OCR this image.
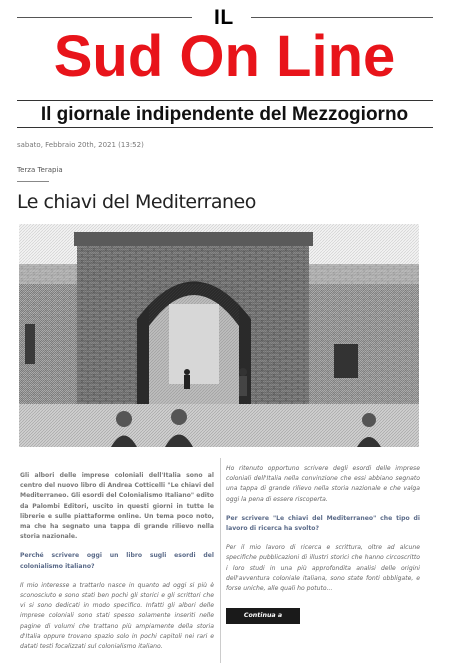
IL
Sud On Line
Il giornale indipendente del Mezzogiorno
sabato, Febbraio 20th, 2021 (13:52)
Terza Terapia
Le chiavi del Mediterraneo

Gli albori delle imprese coloniali dell'Italia sono al centro del nuovo libro di Andrea Cotticelli "Le chiavi del Mediterraneo. Gli esordi del Colonialismo Italiano" edito da Palombi Editori, uscito in questi giorni in tutte le librerie e sulle piattaforme online. Un tema poco noto, ma che ha segnato una tappa di grande rilievo nella storia nazionale.

Perché scrivere oggi un libro sugli esordi del colonialismo italiano?

Il mio interesse a trattarlo nasce in quanto ad oggi si più è sconosciuto e sono stati ben pochi gli storici e gli scrittori che vi si sono dedicati in modo specifico. Infatti gli albori delle imprese coloniali sono stati spesso solamente inseriti nelle pagine di volumi che trattano più ampiamente della storia d'Italia oppure trovano spazio solo in pochi capitoli nei rari e datati testi focalizzati sul colonialismo italiano.

Ho ritenuto opportuno scrivere degli esordi delle imprese coloniali dell'Italia nella convinzione che essi abbiano segnato una tappa di grande rilievo nella storia nazionale e che valga oggi la pena di essere riscoperta.

Per scrivere "Le chiavi del Mediterraneo" che tipo di lavoro di ricerca ha svolto?

Per il mio lavoro di ricerca e scrittura, oltre ad alcune specifiche pubblicazioni di illustri storici che hanno circoscritto i loro studi in una più approfondita analisi delle origini dell'avventura coloniale italiana, sono state fonti obbligate, e forse uniche, alle quali ho potuto...

Continua a leggere...
